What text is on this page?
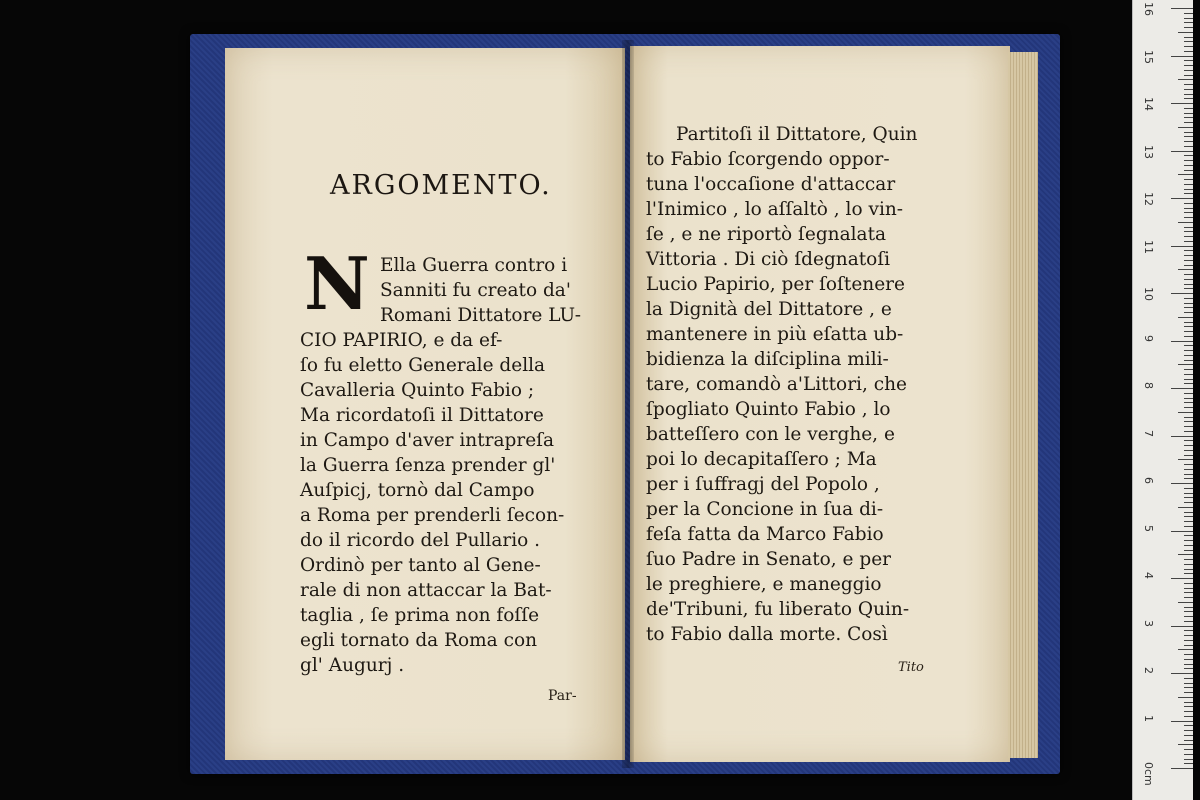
ARGOMENTO.
N Ella Guerra contro i
Sanniti fu creato da'
Romani Dittatore LU-
CIO PAPIRIO, e da ef-
ſo fu eletto Generale della
Cavalleria Quinto Fabio ;
Ma ricordatoſi il Dittatore
in Campo d'aver intrapreſa
la Guerra ſenza prender gl'
Auſpicj, tornò dal Campo
a Roma per prenderli ſecon-
do il ricordo del Pullario .
Ordinò per tanto al Gene-
rale di non attaccar la Bat-
taglia , ſe prima non foſſe
egli tornato da Roma con
gl' Augurj .
Par-
Partitoſi il Dittatore, Quin
to Fabio ſcorgendo oppor-
tuna l'occaſione d'attaccar
l'Inimico , lo aſſaltò , lo vin-
ſe , e ne riportò ſegnalata
Vittoria . Di ciò ſdegnatoſi
Lucio Papirio, per ſoſtenere
la Dignità del Dittatore , e
mantenere in più eſatta ub-
bidienza la diſciplina mili-
tare, comandò a'Littori, che
ſpogliato Quinto Fabio , lo
batteſſero con le verghe, e
poi lo decapitaſſero ; Ma
per i ſuffragj del Popolo ,
per la Concione in ſua di-
feſa fatta da Marco Fabio
ſuo Padre in Senato, e per
le preghiere, e maneggio
de'Tribuni, fu liberato Quin-
to Fabio dalla morte. Così
Tito
16
15
14
13
12
11
10
9
8
7
6
5
4
3
2
1
0cm
